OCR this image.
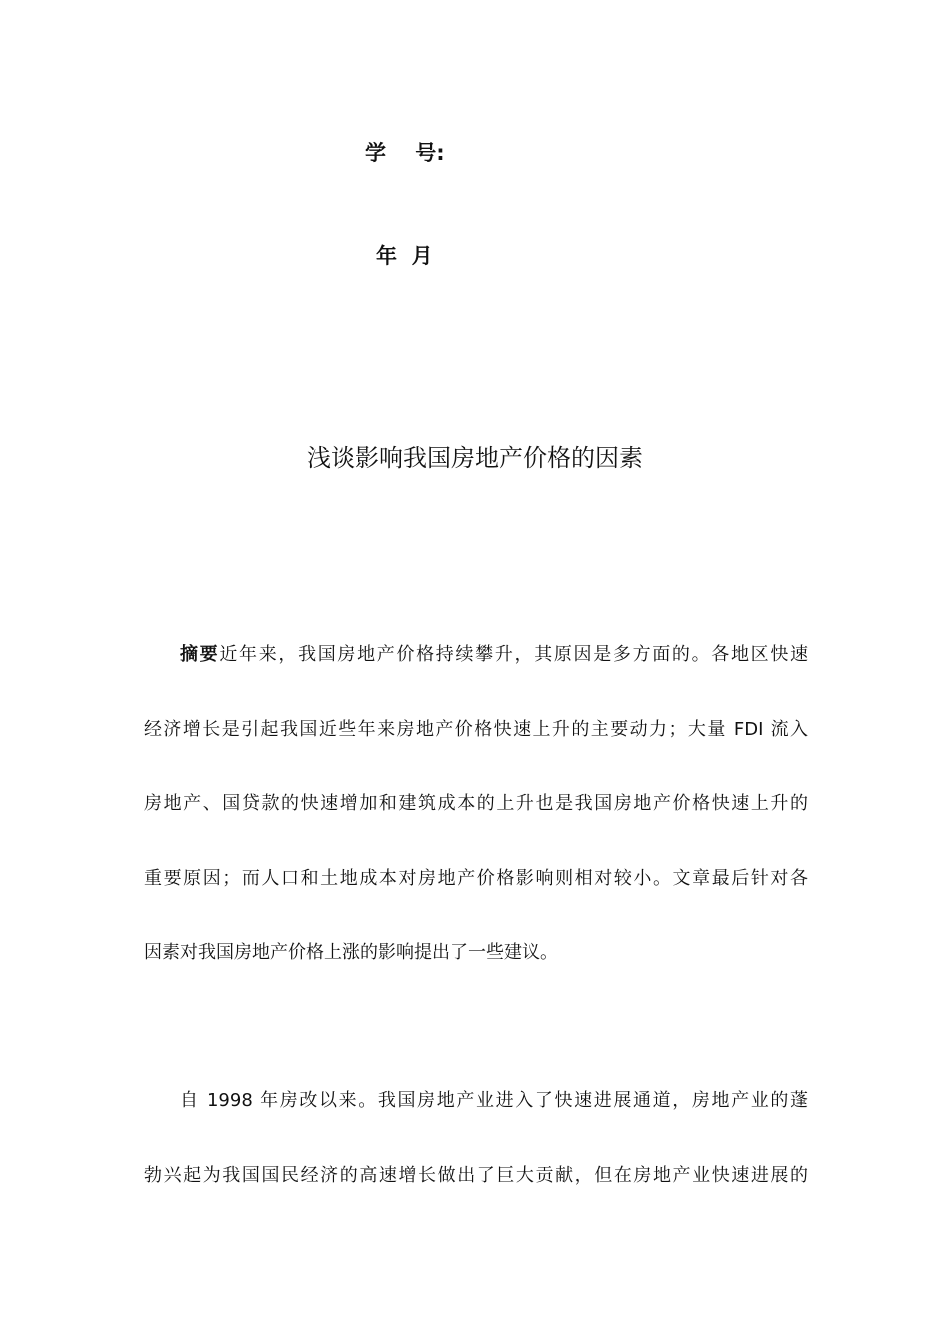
学    号:
年  月
浅谈影响我国房地产价格的因素
摘要近年来，我国房地产价格持续攀升，其原因是多方面的。各地区快速
经济增长是引起我国近些年来房地产价格快速上升的主要动力；大量 FDI 流入
房地产、国贷款的快速增加和建筑成本的上升也是我国房地产价格快速上升的
重要原因；而人口和土地成本对房地产价格影响则相对较小。文章最后针对各
因素对我国房地产价格上涨的影响提出了一些建议。
自 1998 年房改以来。我国房地产业进入了快速进展通道，房地产业的蓬
勃兴起为我国国民经济的高速增长做出了巨大贡献，但在房地产业快速进展的
